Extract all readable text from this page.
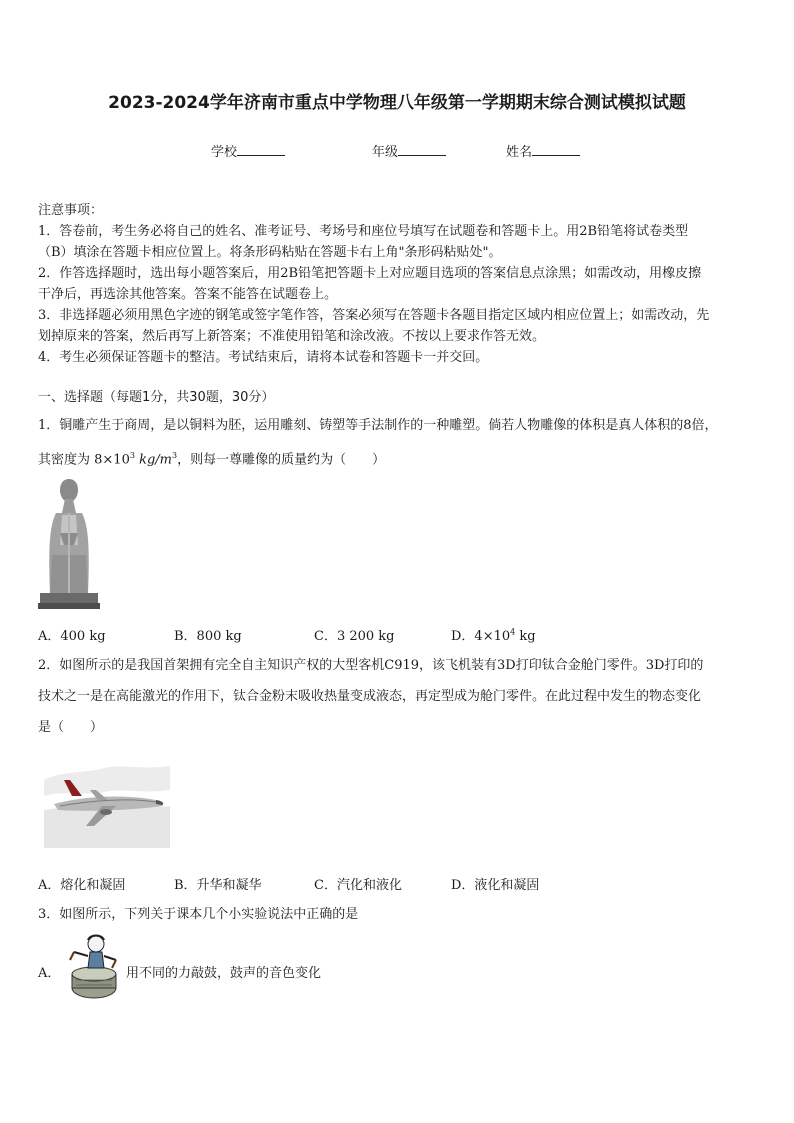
2023-2024学年济南市重点中学物理八年级第一学期期末综合测试模拟试题
学校	年级	姓名
注意事项：
1．答卷前，考生务必将自己的姓名、准考证号、考场号和座位号填写在试题卷和答题卡上。用2B铅笔将试卷类型
（B）填涂在答题卡相应位置上。将条形码粘贴在答题卡右上角"条形码粘贴处"。
2．作答选择题时，选出每小题答案后，用2B铅笔把答题卡上对应题目选项的答案信息点涂黑；如需改动，用橡皮擦
干净后，再选涂其他答案。答案不能答在试题卷上。
3．非选择题必须用黑色字迹的钢笔或签字笔作答，答案必须写在答题卡各题目指定区域内相应位置上；如需改动，先
划掉原来的答案，然后再写上新答案；不准使用铅笔和涂改液。不按以上要求作答无效。
4．考生必须保证答题卡的整洁。考试结束后，请将本试卷和答题卡一并交回。
一、选择题（每题1分，共30题，30分）
1．铜雕产生于商周，是以铜料为胚，运用雕刻、铸塑等手法制作的一种雕塑。倘若人物雕像的体积是真人体积的8倍，
其密度为 $8\times 10^3$ $kg/m^3$，则每一尊雕像的质量约为（　　）
A．400 kg	B．800 kg	C．3 200 kg	D．$4\times 10^4$ kg
2．如图所示的是我国首架拥有完全自主知识产权的大型客机C919，该飞机装有3D打印钛合金舱门零件。3D打印的
技术之一是在高能激光的作用下，钛合金粉末吸收热量变成液态，再定型成为舱门零件。在此过程中发生的物态变化
是（　　）
A．熔化和凝固	B．升华和凝华	C．汽化和液化	D．液化和凝固
3．如图所示，下列关于课本几个小实验说法中正确的是
A．	用不同的力敲鼓，鼓声的音色变化
